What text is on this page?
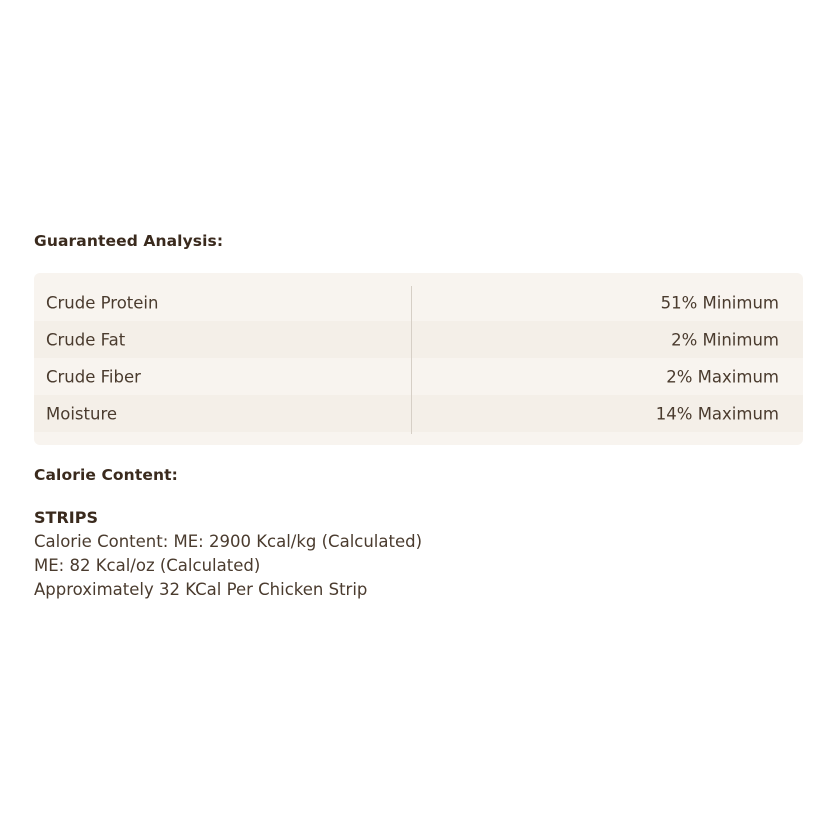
Guaranteed Analysis:
Crude Protein	51% Minimum
Crude Fat	2% Minimum
Crude Fiber	2% Maximum
Moisture	14% Maximum
Calorie Content:
STRIPS
Calorie Content: ME: 2900 Kcal/kg (Calculated)
ME: 82 Kcal/oz (Calculated)
Approximately 32 KCal Per Chicken Strip
